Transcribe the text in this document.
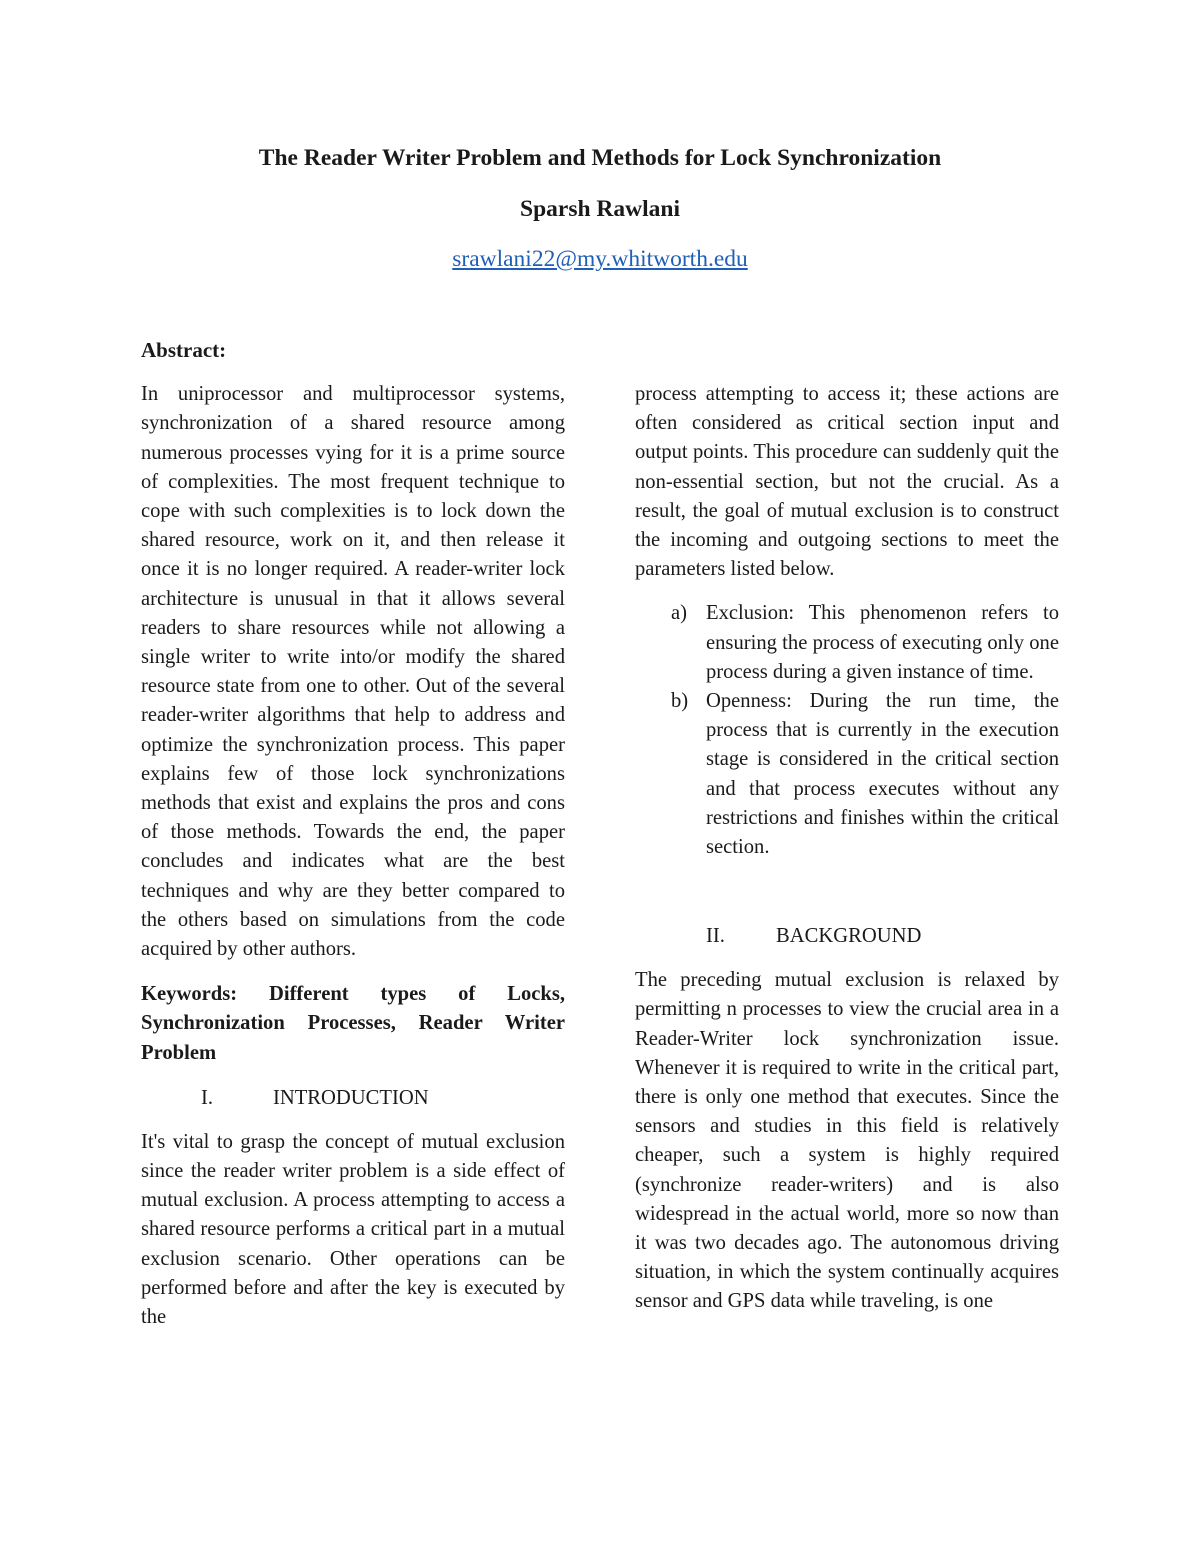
The Reader Writer Problem and Methods for Lock Synchronization
Sparsh Rawlani
srawlani22@my.whitworth.edu
Abstract:

In uniprocessor and multiprocessor systems, synchronization of a shared resource among numerous processes vying for it is a prime source of complexities. The most frequent technique to cope with such complexities is to lock down the shared resource, work on it, and then release it once it is no longer required. A reader-writer lock architecture is unusual in that it allows several readers to share resources while not allowing a single writer to write into/or modify the shared resource state from one to other. Out of the several reader-writer algorithms that help to address and optimize the synchronization process. This paper explains few of those lock synchronizations methods that exist and explains the pros and cons of those methods. Towards the end, the paper concludes and indicates what are the best techniques and why are they better compared to the others based on simulations from the code acquired by other authors.

Keywords: Different types of Locks, Synchronization Processes, Reader Writer Problem

I.	INTRODUCTION

It's vital to grasp the concept of mutual exclusion since the reader writer problem is a side effect of mutual exclusion. A process attempting to access a shared resource performs a critical part in a mutual exclusion scenario. Other operations can be performed before and after the key is executed by the

process attempting to access it; these actions are often considered as critical section input and output points. This procedure can suddenly quit the non-essential section, but not the crucial. As a result, the goal of mutual exclusion is to construct the incoming and outgoing sections to meet the parameters listed below.

a) Exclusion: This phenomenon refers to ensuring the process of executing only one process during a given instance of time.
b) Openness: During the run time, the process that is currently in the execution stage is considered in the critical section and that process executes without any restrictions and finishes within the critical section.
II. BACKGROUND

The preceding mutual exclusion is relaxed by permitting n processes to view the crucial area in a Reader-Writer lock synchronization issue. Whenever it is required to write in the critical part, there is only one method that executes. Since the sensors and studies in this field is relatively cheaper, such a system is highly required (synchronize reader-writers) and is also widespread in the actual world, more so now than it was two decades ago. The autonomous driving situation, in which the system continually acquires sensor and GPS data while traveling, is one
